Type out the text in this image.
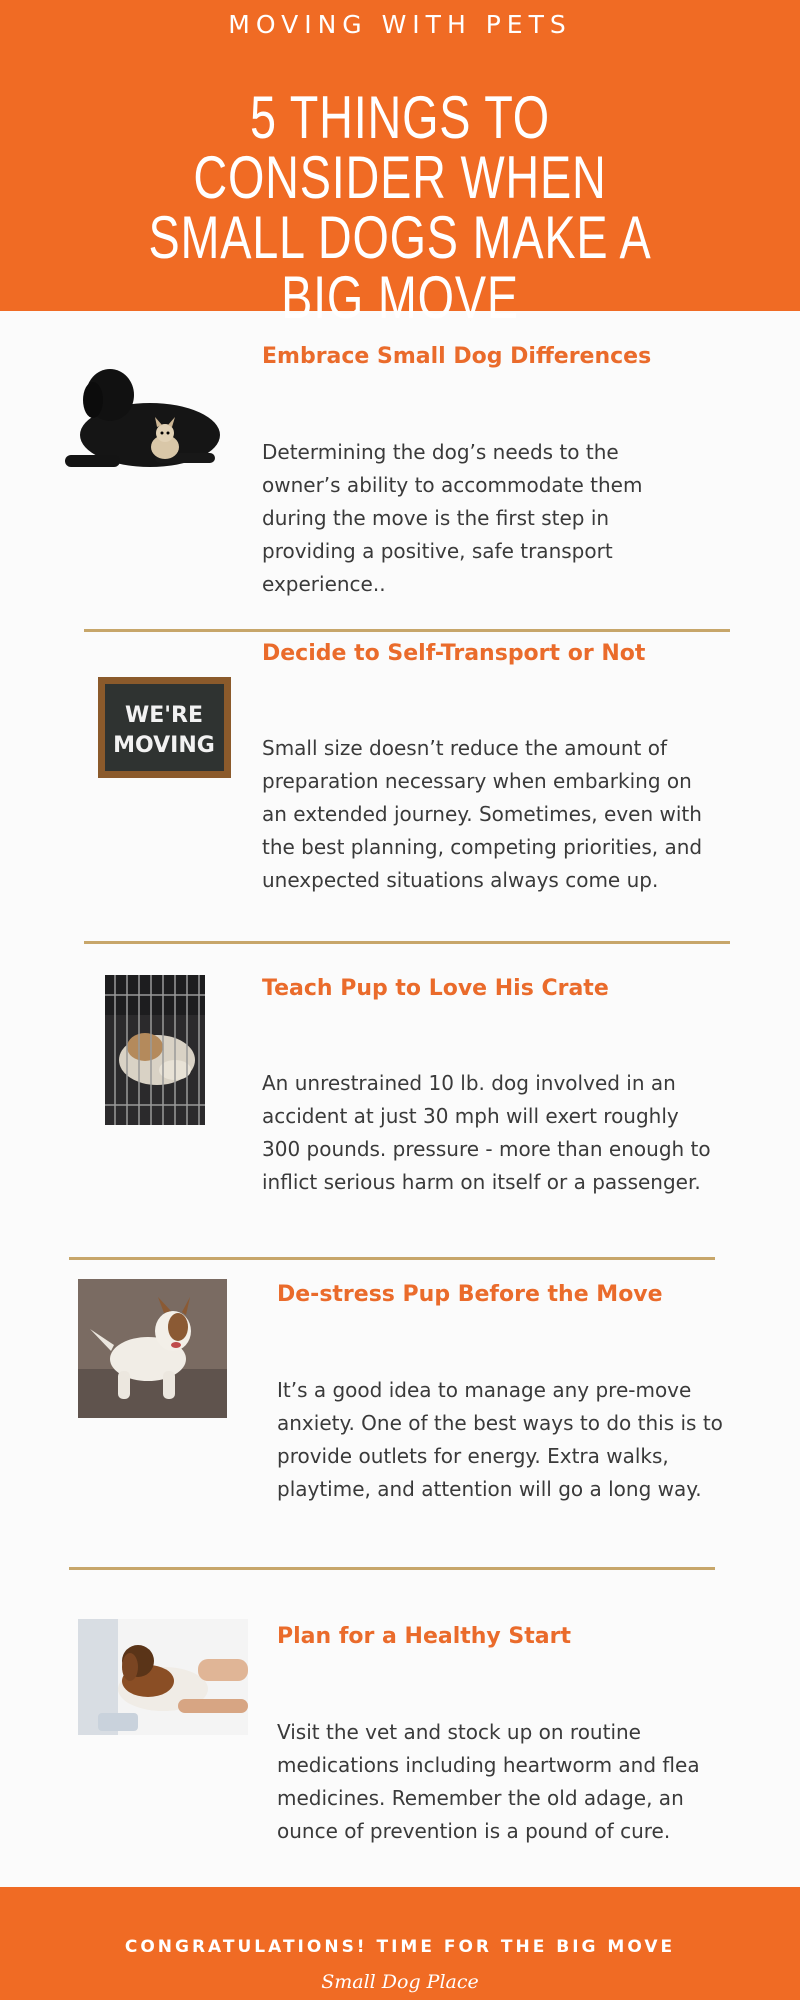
MOVING WITH PETS
5 THINGS TO CONSIDER WHEN SMALL DOGS MAKE A BIG MOVE
Embrace Small Dog Differences
Determining the dog’s needs to the owner’s ability to accommodate them during the move is the first step in providing a positive, safe transport experience..
WE'RE
MOVING
Decide to Self-Transport or Not
Small size doesn’t reduce the amount of preparation necessary when embarking on an extended journey. Sometimes, even with the best planning, competing priorities, and unexpected situations always come up.
Teach Pup to Love His Crate
An unrestrained 10 lb. dog involved in an accident at just 30 mph will exert roughly 300 pounds. pressure - more than enough to inflict serious harm on itself or a passenger.
De-stress Pup Before the Move
It’s a good idea to manage any pre-move anxiety. One of the best ways to do this is to provide outlets for energy. Extra walks, playtime, and attention will go a long way.
Plan for a Healthy Start
Visit the vet and stock up on routine medications including heartworm and flea medicines. Remember the old adage, an ounce of prevention is a pound of cure.
CONGRATULATIONS! TIME FOR THE BIG MOVE
Small Dog Place
